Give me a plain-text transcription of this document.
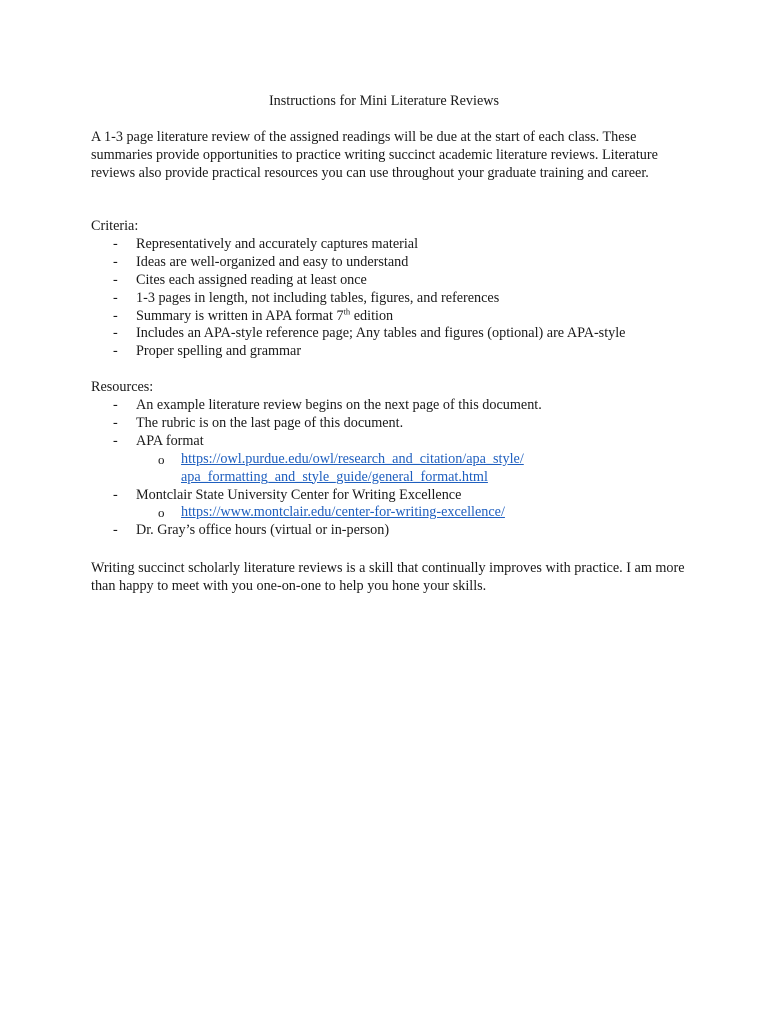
Instructions for Mini Literature Reviews
A 1-3 page literature review of the assigned readings will be due at the start of each class. These summaries provide opportunities to practice writing succinct academic literature reviews. Literature reviews also provide practical resources you can use throughout your graduate training and career.
Criteria:
- Representatively and accurately captures material
- Ideas are well-organized and easy to understand
- Cites each assigned reading at least once
- 1-3 pages in length, not including tables, figures, and references
- Summary is written in APA format 7th edition
- Includes an APA-style reference page; Any tables and figures (optional) are APA-style
- Proper spelling and grammar
Resources:
- An example literature review begins on the next page of this document.
- The rubric is on the last page of this document.
- APA format
o https://owl.purdue.edu/owl/research_and_citation/apa_style/
apa_formatting_and_style_guide/general_format.html
- Montclair State University Center for Writing Excellence
o https://www.montclair.edu/center-for-writing-excellence/
- Dr. Gray’s office hours (virtual or in-person)
Writing succinct scholarly literature reviews is a skill that continually improves with practice. I am more than happy to meet with you one-on-one to help you hone your skills.
